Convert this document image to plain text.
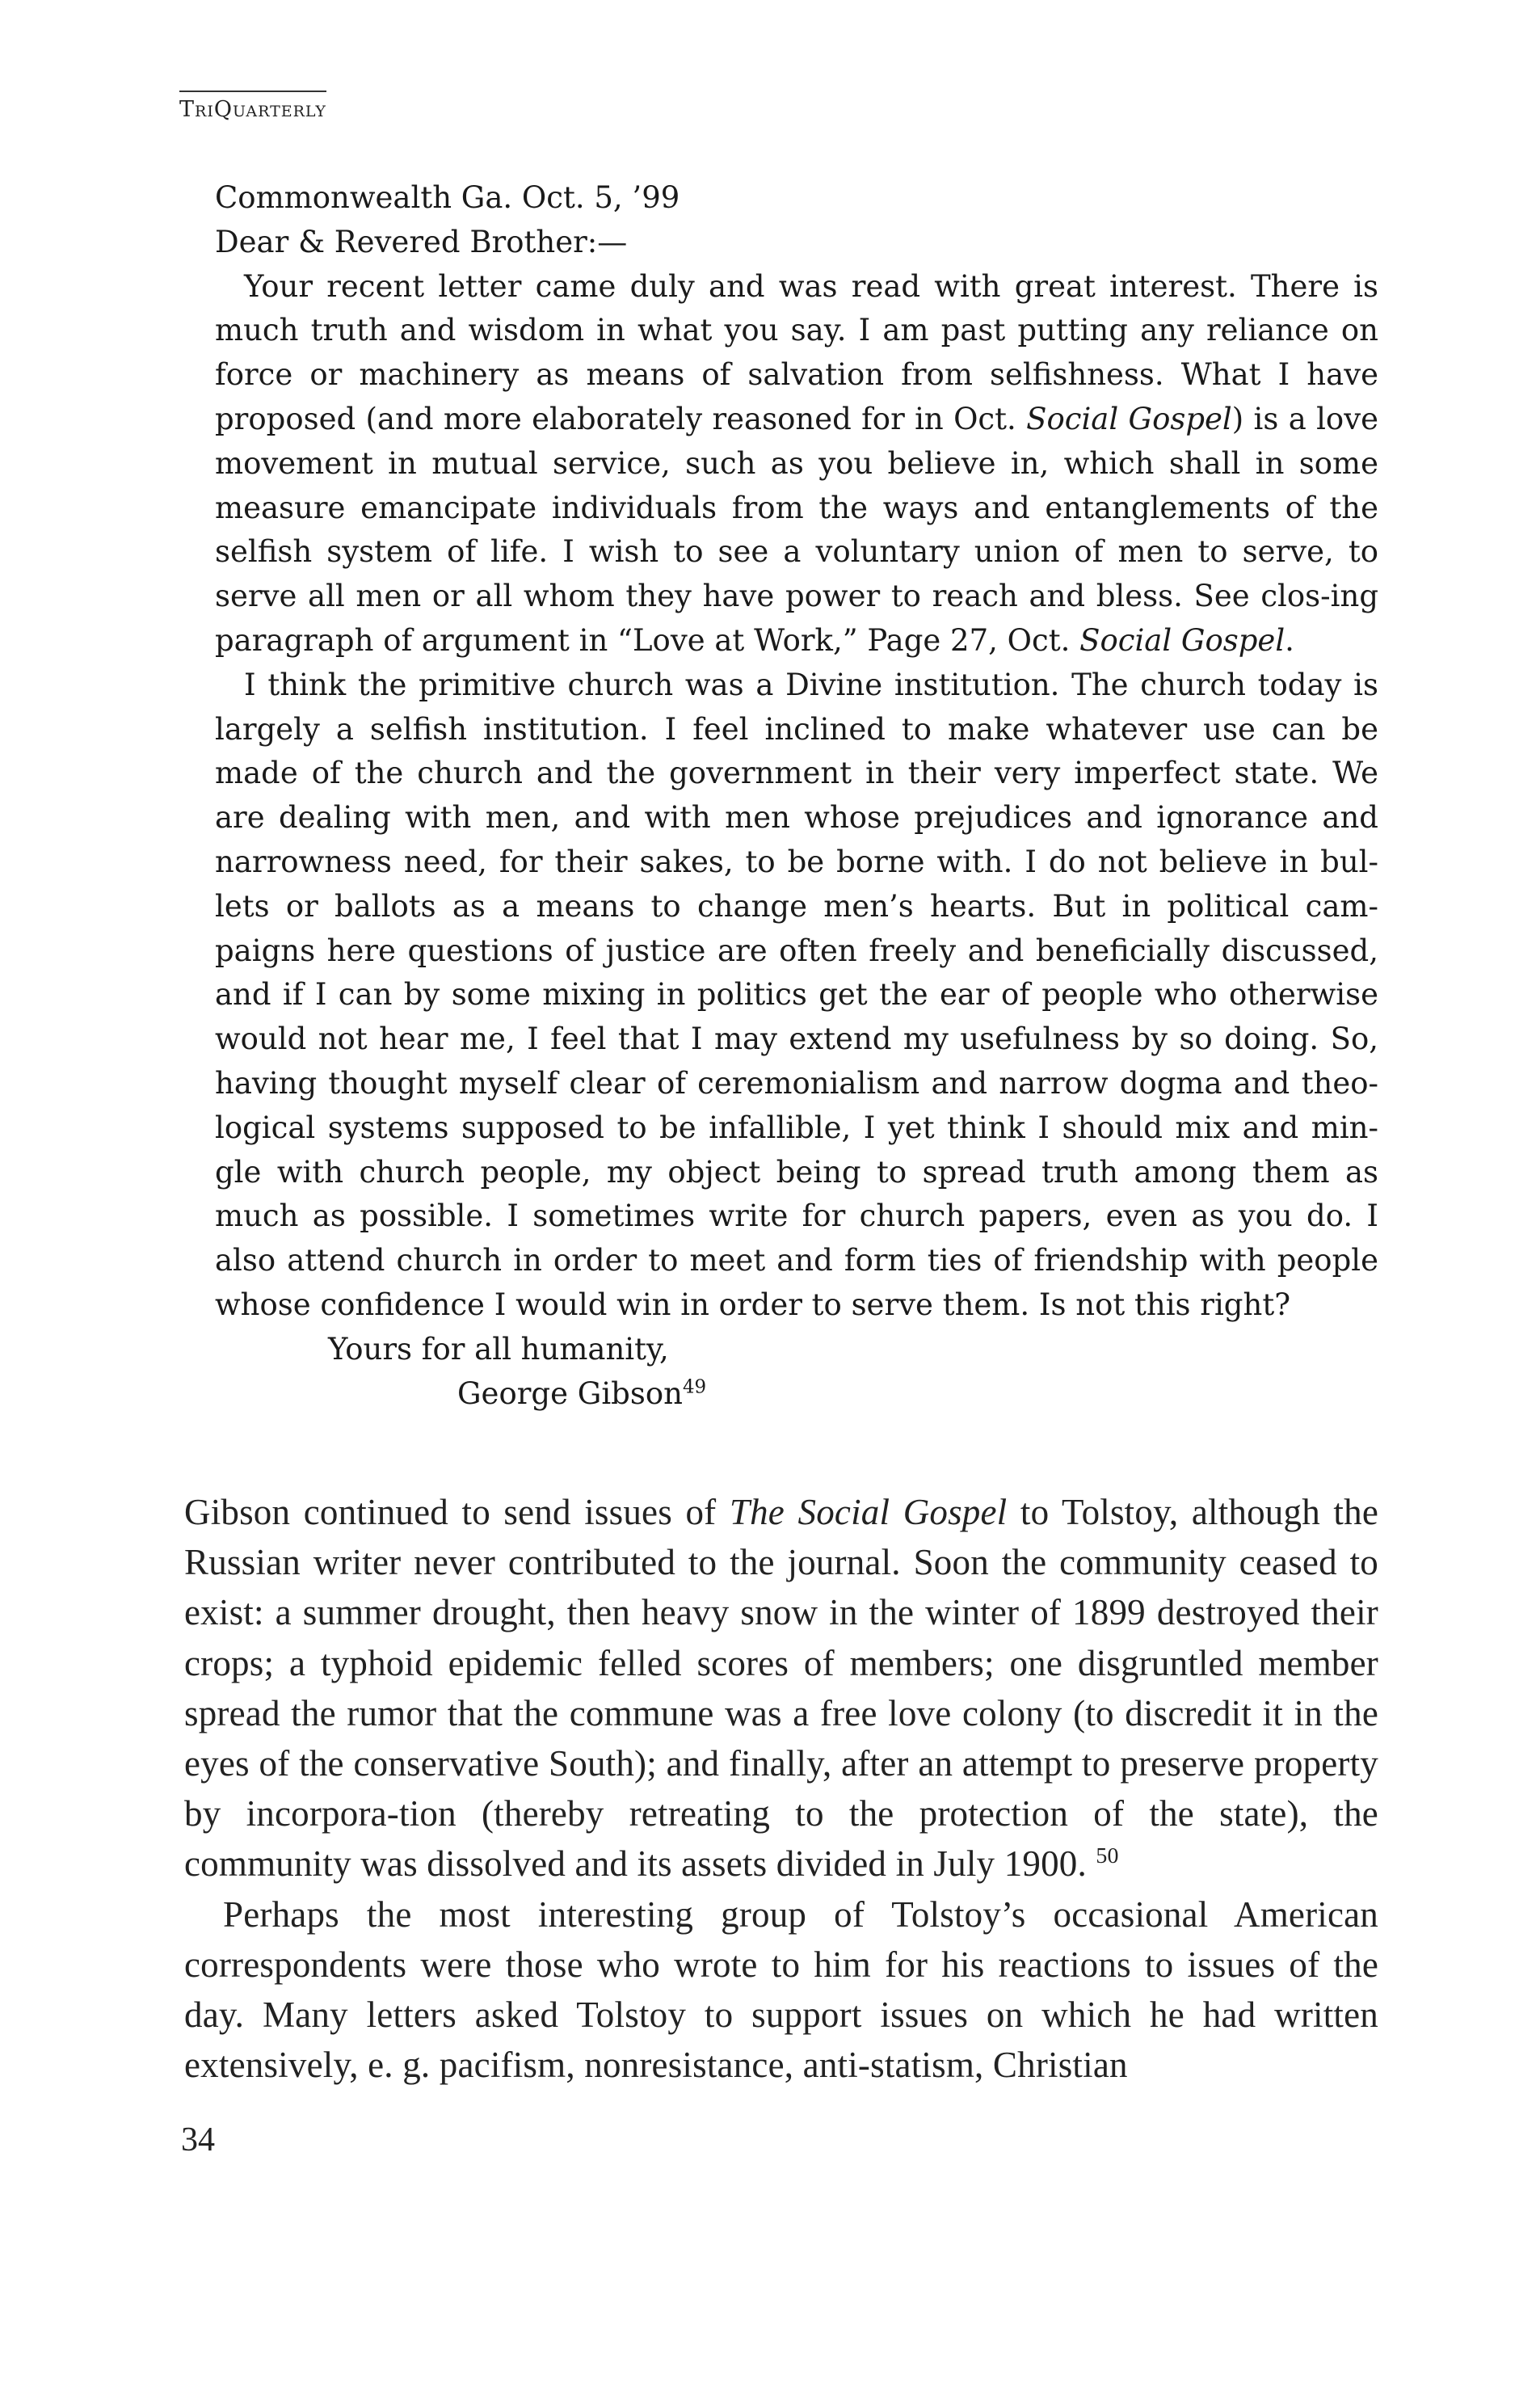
TriQuarterly
Commonwealth Ga. Oct. 5, ’99
Dear & Revered Brother:—

Your recent letter came duly and was read with great interest. There is much truth and wisdom in what you say. I am past putting any reliance on force or machinery as means of salvation from selfishness. What I have proposed (and more elaborately reasoned for in Oct. Social Gospel) is a love movement in mutual service, such as you believe in, which shall in some measure emancipate individuals from the ways and entanglements of the selfish system of life. I wish to see a voluntary union of men to serve, to serve all men or all whom they have power to reach and bless. See clos-ing paragraph of argument in “Love at Work,” Page 27, Oct. Social Gospel.

I think the primitive church was a Divine institution. The church today is largely a selfish institution. I feel inclined to make whatever use can be made of the church and the government in their very imperfect state. We are dealing with men, and with men whose prejudices and ignorance and narrowness need, for their sakes, to be borne with. I do not believe in bul-lets or ballots as a means to change men’s hearts. But in political cam-paigns here questions of justice are often freely and beneficially discussed, and if I can by some mixing in politics get the ear of people who otherwise would not hear me, I feel that I may extend my usefulness by so doing. So, having thought myself clear of ceremonialism and narrow dogma and theo-logical systems supposed to be infallible, I yet think I should mix and min-gle with church people, my object being to spread truth among them as much as possible. I sometimes write for church papers, even as you do. I also attend church in order to meet and form ties of friendship with people whose confidence I would win in order to serve them. Is not this right?

Yours for all humanity,
George Gibson$^{49}$

Gibson continued to send issues of The Social Gospel to Tolstoy, although the Russian writer never contributed to the journal. Soon the community ceased to exist: a summer drought, then heavy snow in the winter of 1899 destroyed their crops; a typhoid epidemic felled scores of members; one disgruntled member spread the rumor that the commune was a free love colony (to discredit it in the eyes of the conservative South); and finally, after an attempt to preserve property by incorpora-tion (thereby retreating to the protection of the state), the community was dissolved and its assets divided in July 1900. $^{50}$

Perhaps the most interesting group of Tolstoy’s occasional American correspondents were those who wrote to him for his reactions to issues of the day. Many letters asked Tolstoy to support issues on which he had written extensively, e. g. pacifism, nonresistance, anti-statism, Christian

34
